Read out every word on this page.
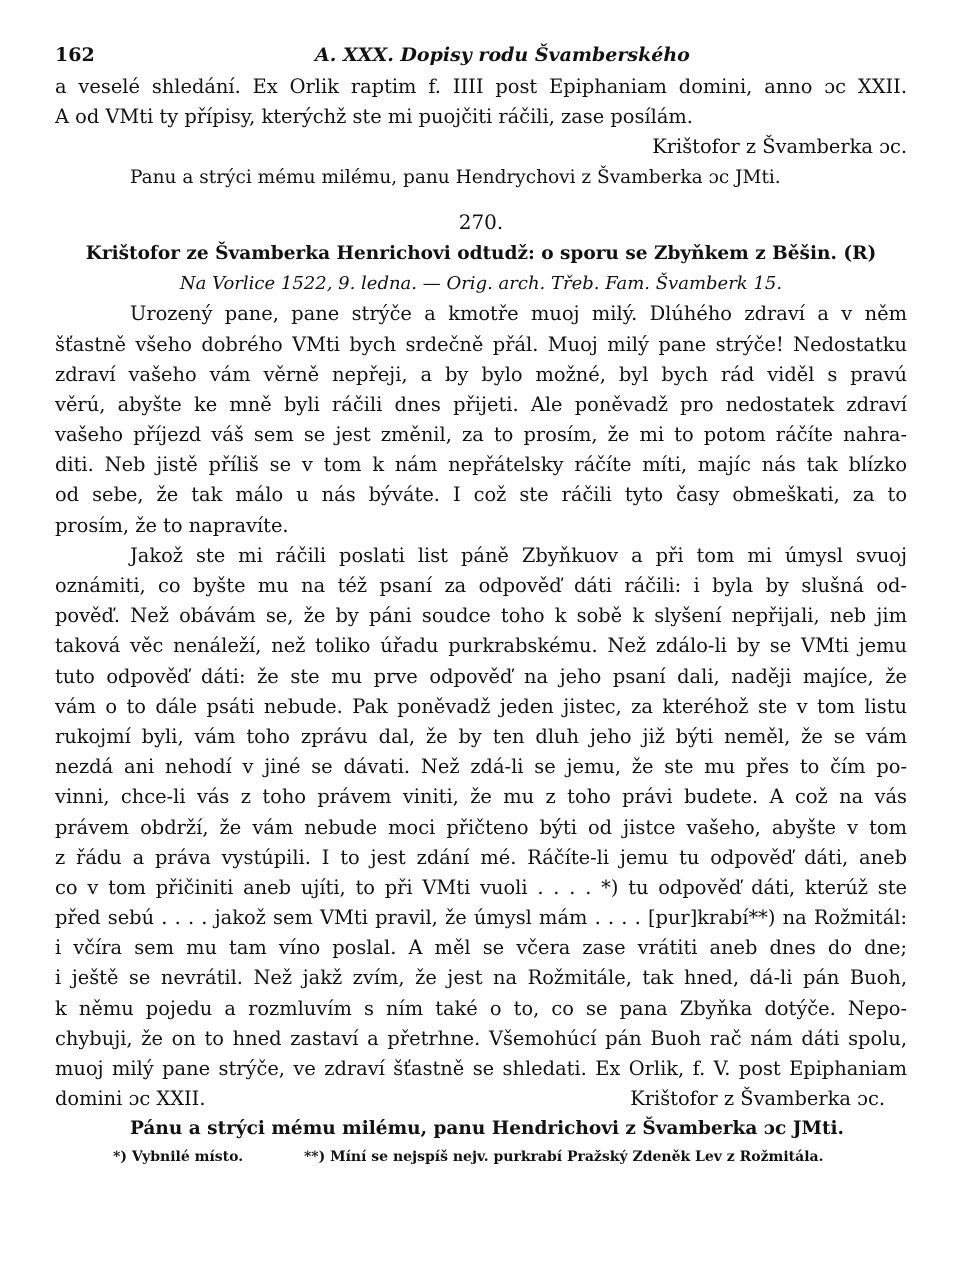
162	A. XXX. Dopisy rodu Švamberského
a veselé shledání. Ex Orlik raptim f. IIII post Epiphaniam domini, anno ɔc XXII.
A od VMti ty přípisy, kterýchž ste mi puojčiti ráčili, zase posílám.
Krištofor z Švamberka ɔc.
Panu a strýci mému milému, panu Hendrychovi z Švamberka ɔc JMti.
270.
Krištofor ze Švamberka Henrichovi odtudž: o sporu se Zbyňkem z Běšin. (R)
Na Vorlice 1522, 9. ledna. — Orig. arch. Třeb. Fam. Švamberk 15.
Urozený pane, pane strýče a kmotře muoj milý. Dlúhého zdraví a v něm
šťastně všeho dobrého VMti bych srdečně přál. Muoj milý pane strýče! Nedostatku
zdraví vašeho vám věrně nepřeji, a by bylo možné, byl bych rád viděl s pravú
věrú, abyšte ke mně byli ráčili dnes přijeti. Ale poněvadž pro nedostatek zdraví
vašeho příjezd váš sem se jest změnil, za to prosím, že mi to potom ráčíte nahra-
diti. Neb jistě příliš se v tom k nám nepřátelsky ráčíte míti, majíc nás tak blízko
od sebe, že tak málo u nás býváte. I což ste ráčili tyto časy obmeškati, za to
prosím, že to napravíte.
Jakož ste mi ráčili poslati list páně Zbyňkuov a při tom mi úmysl svuoj
oznámiti, co byšte mu na též psaní za odpověď dáti ráčili: i byla by slušná od-
pověď. Než obávám se, že by páni soudce toho k sobě k slyšení nepřijali, neb jim
taková věc nenáleží, než toliko úřadu purkrabskému. Než zdálo-li by se VMti jemu
tuto odpověď dáti: že ste mu prve odpověď na jeho psaní dali, naději majíce, že
vám o to dále psáti nebude. Pak poněvadž jeden jistec, za kteréhož ste v tom listu
rukojmí byli, vám toho zprávu dal, že by ten dluh jeho již býti neměl, že se vám
nezdá ani nehodí v jiné se dávati. Než zdá-li se jemu, že ste mu přes to čím po-
vinni, chce-li vás z toho právem viniti, že mu z toho právi budete. A což na vás
právem obdrží, že vám nebude moci přičteno býti od jistce vašeho, abyšte v tom
z řádu a práva vystúpili. I to jest zdání mé. Ráčíte-li jemu tu odpověď dáti, aneb
co v tom přičiniti aneb ujíti, to při VMti vuoli . . . . *) tu odpověď dáti, kterúž ste
před sebú . . . . jakož sem VMti pravil, že úmysl mám . . . . [pur]krabí**) na Rožmitál:
i včíra sem mu tam víno poslal. A měl se včera zase vrátiti aneb dnes do dne;
i ještě se nevrátil. Než jakž zvím, že jest na Rožmitále, tak hned, dá-li pán Buoh,
k němu pojedu a rozmluvím s ním také o to, co se pana Zbyňka dotýče. Nepo-
chybuji, že on to hned zastaví a přetrhne. Všemohúcí pán Buoh rač nám dáti spolu,
muoj milý pane strýče, ve zdraví šťastně se shledati. Ex Orlik, f. V. post Epiphaniam
domini ɔc XXII.	Krištofor z Švamberka ɔc.
Pánu a strýci mému milému, panu Hendrichovi z Švamberka ɔc JMti.
*) Vybnilé místo.	**) Míní se nejspíš nejv. purkrabí Pražský Zdeněk Lev z Rožmitála.
